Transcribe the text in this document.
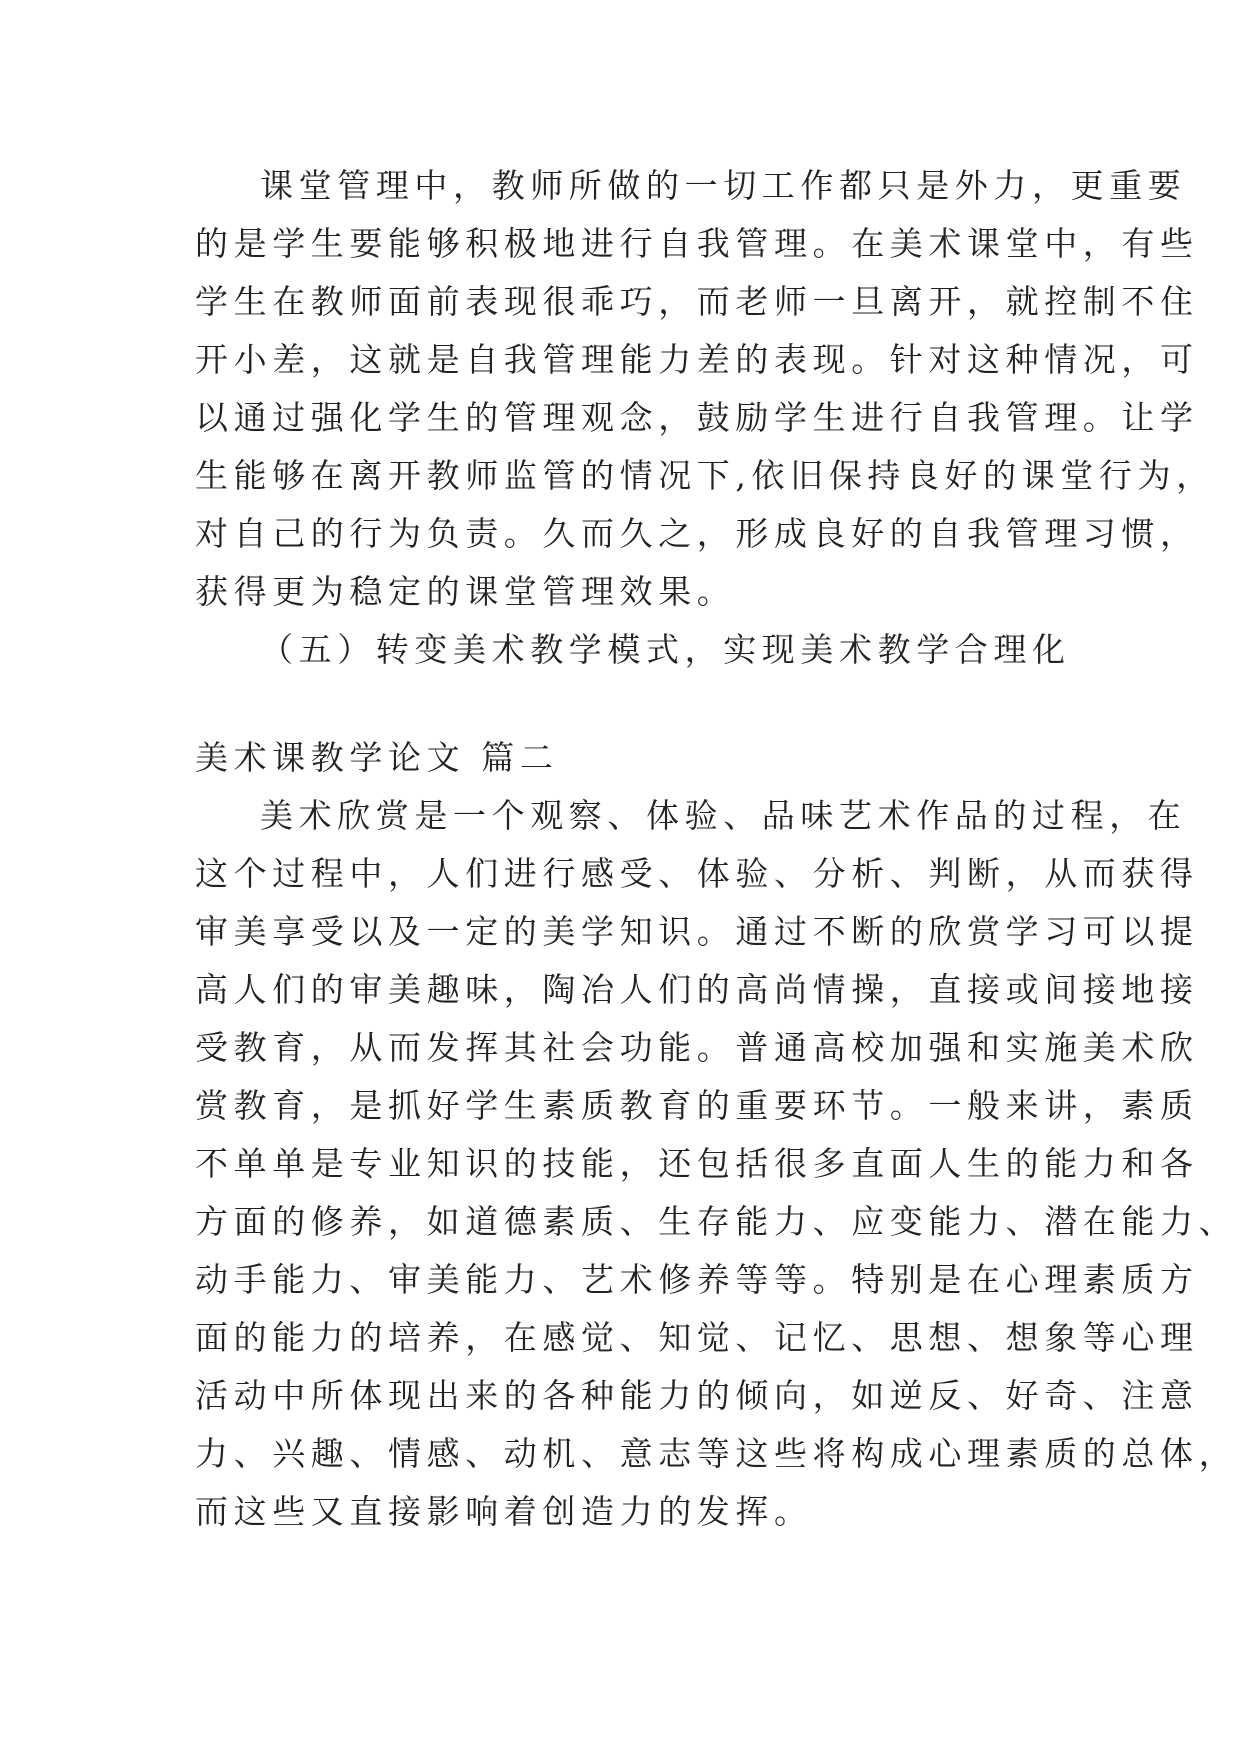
课堂管理中，教师所做的一切工作都只是外力，更重要
的是学生要能够积极地进行自我管理。在美术课堂中，有些
学生在教师面前表现很乖巧，而老师一旦离开，就控制不住
开小差，这就是自我管理能力差的表现。针对这种情况，可
以通过强化学生的管理观念，鼓励学生进行自我管理。让学
生能够在离开教师监管的情况下,依旧保持良好的课堂行为，
对自己的行为负责。久而久之，形成良好的自我管理习惯，
获得更为稳定的课堂管理效果。
（五）转变美术教学模式，实现美术教学合理化
美术课教学论文 篇二
美术欣赏是一个观察、体验、品味艺术作品的过程，在
这个过程中，人们进行感受、体验、分析、判断，从而获得
审美享受以及一定的美学知识。通过不断的欣赏学习可以提
高人们的审美趣味，陶冶人们的高尚情操，直接或间接地接
受教育，从而发挥其社会功能。普通高校加强和实施美术欣
赏教育，是抓好学生素质教育的重要环节。一般来讲，素质
不单单是专业知识的技能，还包括很多直面人生的能力和各
方面的修养，如道德素质、生存能力、应变能力、潜在能力、
动手能力、审美能力、艺术修养等等。特别是在心理素质方
面的能力的培养，在感觉、知觉、记忆、思想、想象等心理
活动中所体现出来的各种能力的倾向，如逆反、好奇、注意
力、兴趣、情感、动机、意志等这些将构成心理素质的总体，
而这些又直接影响着创造力的发挥。
